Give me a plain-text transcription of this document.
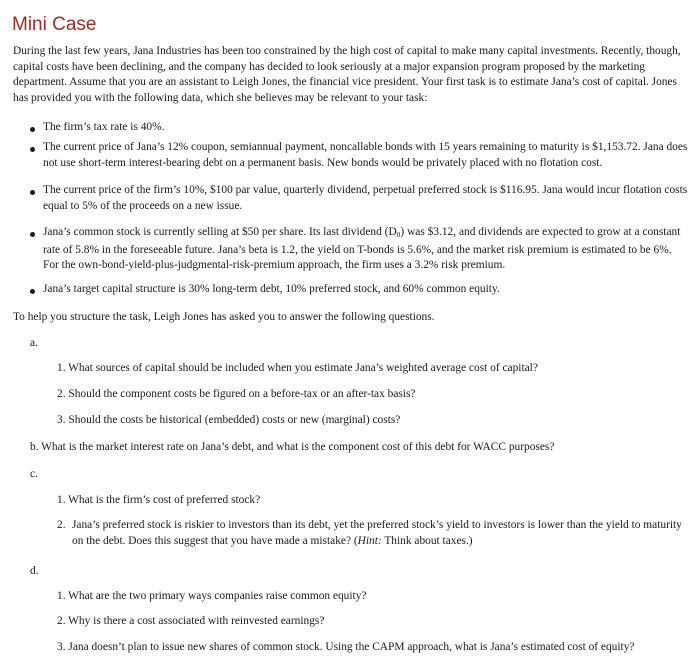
Mini Case

During the last few years, Jana Industries has been too constrained by the high cost of capital to make many capital investments. Recently, though, capital costs have been declining, and the company has decided to look seriously at a major expansion program proposed by the marketing department. Assume that you are an assistant to Leigh Jones, the financial vice president. Your first task is to estimate Jana’s cost of capital. Jones has provided you with the following data, which she believes may be relevant to your task:

The firm’s tax rate is 40%.
The current price of Jana’s 12% coupon, semiannual payment, noncallable bonds with 15 years remaining to maturity is $1,153.72. Jana does not use short-term interest-bearing debt on a permanent basis. New bonds would be privately placed with no flotation cost.
The current price of the firm’s 10%, $100 par value, quarterly dividend, perpetual preferred stock is $116.95. Jana would incur flotation costs equal to 5% of the proceeds on a new issue.
Jana’s common stock is currently selling at $50 per share. Its last dividend $(D_0)$ was $3.12, and dividends are expected to grow at a constant rate of 5.8% in the foreseeable future. Jana’s beta is 1.2, the yield on T-bonds is 5.6%, and the market risk premium is estimated to be 6%. For the own-bond-yield-plus-judgmental-risk-premium approach, the firm uses a 3.2% risk premium.
Jana’s target capital structure is 30% long-term debt, 10% preferred stock, and 60% common equity.
To help you structure the task, Leigh Jones has asked you to answer the following questions.
a.
1. What sources of capital should be included when you estimate Jana’s weighted average cost of capital?
2. Should the component costs be figured on a before-tax or an after-tax basis?
3. Should the costs be historical (embedded) costs or new (marginal) costs?
b. What is the market interest rate on Jana’s debt, and what is the component cost of this debt for WACC purposes?
c.
1. What is the firm’s cost of preferred stock?
2. Jana’s preferred stock is riskier to investors than its debt, yet the preferred stock’s yield to investors is lower than the yield to maturity on the debt. Does this suggest that you have made a mistake? (Hint: Think about taxes.)
d.
1. What are the two primary ways companies raise common equity?
2. Why is there a cost associated with reinvested earnings?
3. Jana doesn’t plan to issue new shares of common stock. Using the CAPM approach, what is Jana’s estimated cost of equity?
